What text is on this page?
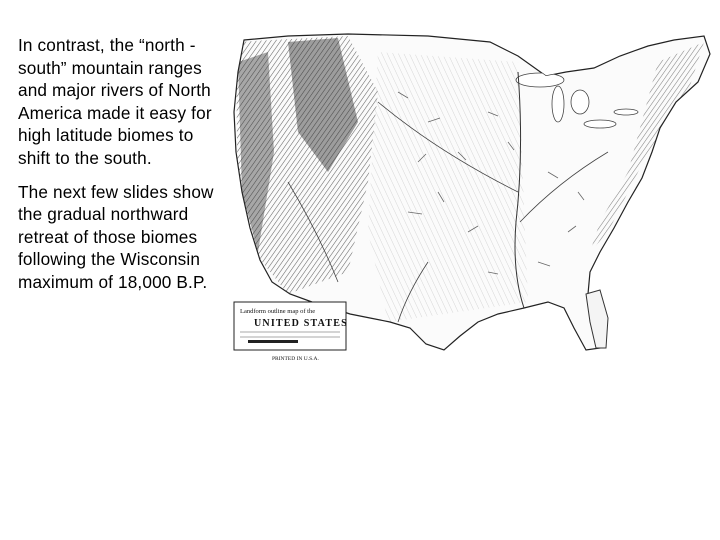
In contrast, the “north -south” mountain ranges and major rivers of North America made it easy for high latitude biomes to shift to the south.

The next few slides show the gradual northward retreat of those biomes following the Wisconsin maximum of 18,000 B.P.

Landform outline map of the
UNITED STATES
PRINTED IN U.S.A.
